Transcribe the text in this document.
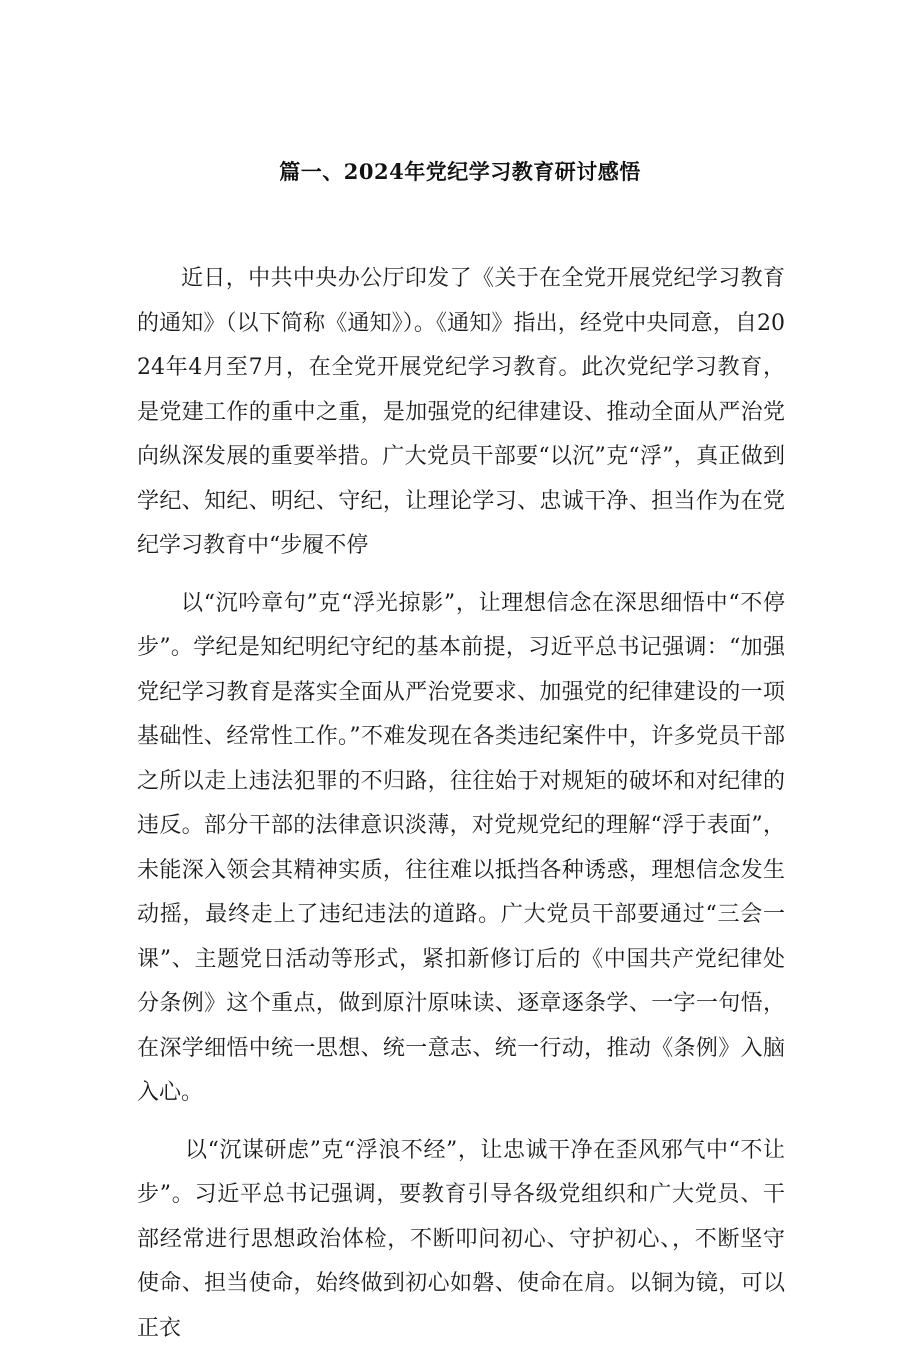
篇一、2024年党纪学习教育研讨感悟

近日，中共中央办公厅印发了《关于在全党开展党纪学习教育的通知》（以下简称《通知》）。《通知》指出，经党中央同意，自2024年4月至7月，在全党开展党纪学习教育。此次党纪学习教育，是党建工作的重中之重，是加强党的纪律建设、推动全面从严治党向纵深发展的重要举措。广大党员干部要“以沉”克“浮”，真正做到学纪、知纪、明纪、守纪，让理论学习、忠诚干净、担当作为在党纪学习教育中“步履不停

以“沉吟章句”克“浮光掠影”，让理想信念在深思细悟中“不停步”。学纪是知纪明纪守纪的基本前提，习近平总书记强调：“加强党纪学习教育是落实全面从严治党要求、加强党的纪律建设的一项基础性、经常性工作。”不难发现在各类违纪案件中，许多党员干部之所以走上违法犯罪的不归路，往往始于对规矩的破坏和对纪律的违反。部分干部的法律意识淡薄，对党规党纪的理解“浮于表面”，未能深入领会其精神实质，往往难以抵挡各种诱惑，理想信念发生动摇，最终走上了违纪违法的道路。广大党员干部要通过“三会一课”、主题党日活动等形式，紧扣新修订后的《中国共产党纪律处分条例》这个重点，做到原汁原味读、逐章逐条学、一字一句悟，在深学细悟中统一思想、统一意志、统一行动，推动《条例》入脑入心。

以“沉谋研虑”克“浮浪不经”，让忠诚干净在歪风邪气中“不让步”。习近平总书记强调，要教育引导各级党组织和广大党员、干部经常进行思想政治体检，不断叩问初心、守护初心、，不断坚守使命、担当使命，始终做到初心如磐、使命在肩。以铜为镜，可以正衣
